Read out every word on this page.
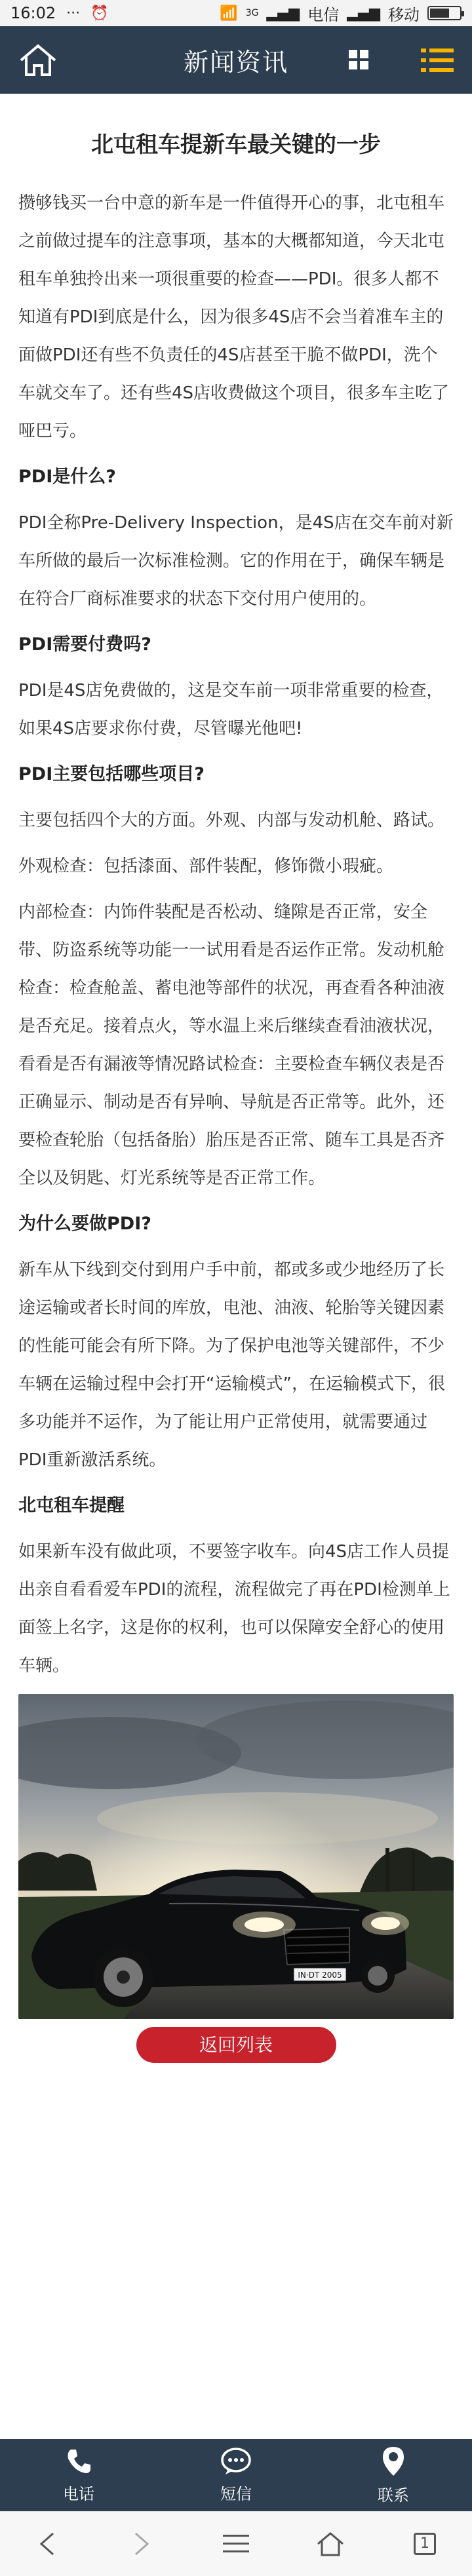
16:02 ··· ⏰	📶 3G ▂▄▆ 电信 ▂▄▆ 移动
新闻资讯
北屯租车提新车最关键的一步

攒够钱买一台中意的新车是一件值得开心的事，北屯租车之前做过提车的注意事项，基本的大概都知道，今天北屯租车单独拎出来一项很重要的检查——PDI。很多人都不知道有PDI到底是什么，因为很多4S店不会当着准车主的面做PDI还有些不负责任的4S店甚至干脆不做PDI，洗个车就交车了。还有些4S店收费做这个项目，很多车主吃了哑巴亏。

PDI是什么?

PDI全称Pre-Delivery Inspection，是4S店在交车前对新车所做的最后一次标准检测。它的作用在于，确保车辆是在符合厂商标准要求的状态下交付用户使用的。

PDI需要付费吗?

PDI是4S店免费做的，这是交车前一项非常重要的检查，如果4S店要求你付费，尽管曝光他吧!

PDI主要包括哪些项目?

主要包括四个大的方面。外观、内部与发动机舱、路试。

外观检查：包括漆面、部件装配，修饰微小瑕疵。

内部检查：内饰件装配是否松动、缝隙是否正常，安全带、防盗系统等功能一一试用看是否运作正常。发动机舱检查：检查舱盖、蓄电池等部件的状况，再查看各种油液是否充足。接着点火，等水温上来后继续查看油液状况，看看是否有漏液等情况路试检查：主要检查车辆仪表是否正确显示、制动是否有异响、导航是否正常等。此外，还要检查轮胎（包括备胎）胎压是否正常、随车工具是否齐全以及钥匙、灯光系统等是否正常工作。

为什么要做PDI?

新车从下线到交付到用户手中前，都或多或少地经历了长途运输或者长时间的库放，电池、油液、轮胎等关键因素的性能可能会有所下降。为了保护电池等关键部件，不少车辆在运输过程中会打开“运输模式”，在运输模式下，很多功能并不运作，为了能让用户正常使用，就需要通过PDI重新激活系统。

北屯租车提醒

如果新车没有做此项，不要签字收车。向4S店工作人员提出亲自看看爱车PDI的流程，流程做完了再在PDI检测单上面签上名字，这是你的权利，也可以保障安全舒心的使用车辆。

IN·DT 2005
返回列表
电话	短信	联系
1
